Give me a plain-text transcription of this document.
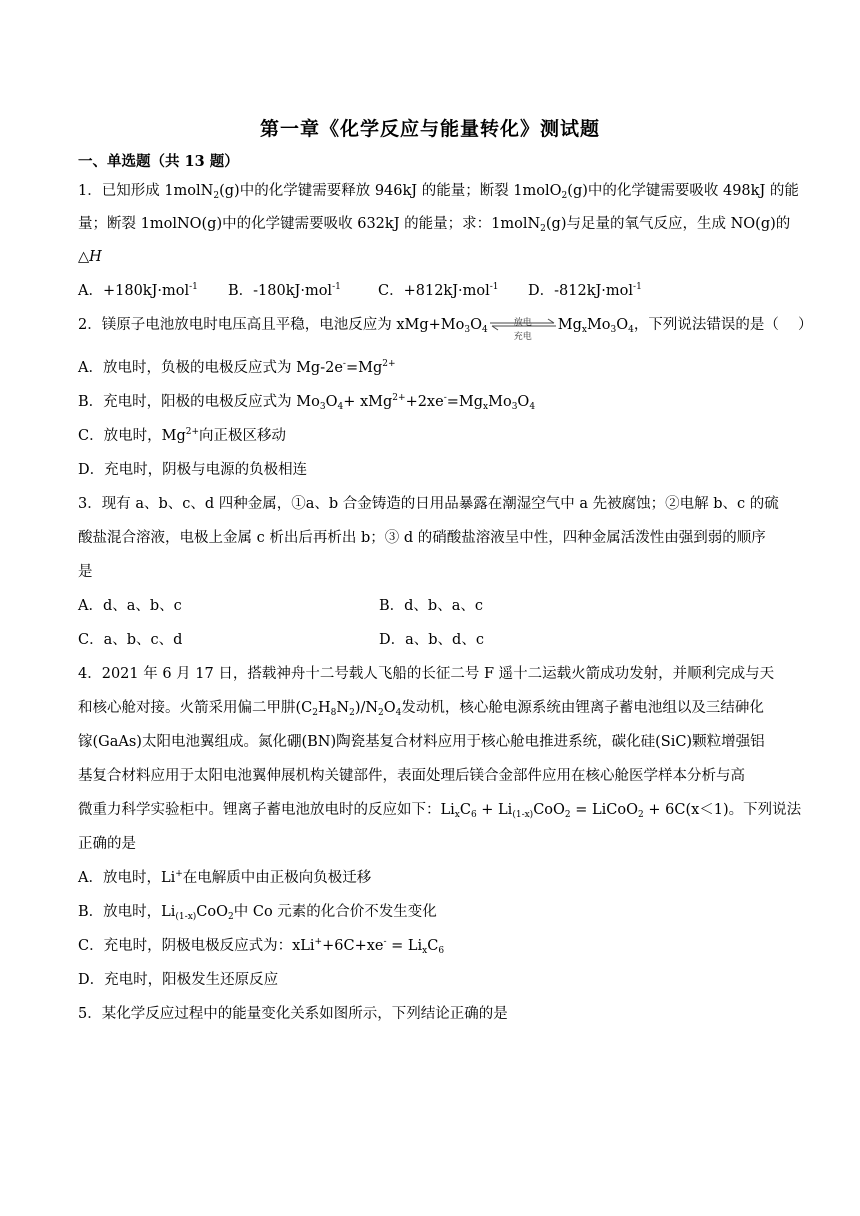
第一章《化学反应与能量转化》测试题
一、单选题（共 13 题）
1．已知形成 1molN$_2$(g)中的化学键需要释放 946kJ 的能量；断裂 1molO$_2$(g)中的化学键需要吸收 498kJ 的能
量；断裂 1molNO(g)中的化学键需要吸收 632kJ 的能量；求：1molN$_2$(g)与足量的氧气反应，生成 NO(g)的
△H
A．+180kJ·mol$^{-1}$ B．-180kJ·mol$^{-1}$	C．+812kJ·mol$^{-1}$ D．-812kJ·mol$^{-1}$
2．镁原子电池放电时电压高且平稳，电池反应为 $xMg+Mo_3O_4$
放电
充电
$Mg_xMo_3O_4$，下列说法错误的是（　 ）
A．放电时，负极的电极反应式为 $Mg-2e^-=Mg^{2+}$
B．充电时，阳极的电极反应式为 $Mo_3O_4+ xMg^{2+}+2xe^-=Mg_xMo_3O_4$
C．放电时，$Mg^{2+}$向正极区移动
D．充电时，阴极与电源的负极相连
3．现有 a、b、c、d 四种金属，①a、b 合金铸造的日用品暴露在潮湿空气中 a 先被腐蚀；②电解 b、c 的硫
酸盐混合溶液，电极上金属 c 析出后再析出 b；③ d 的硝酸盐溶液呈中性，四种金属活泼性由强到弱的顺序
是
A．d、a、b、c	B．d、b、a、c
C．a、b、c、d	D．a、b、d、c
4．2021 年 6 月 17 日，搭载神舟十二号载人飞船的长征二号 F 遥十二运载火箭成功发射，并顺利完成与天
和核心舱对接。火箭采用偏二甲肼$(C_2H_8N_2)/N_2O_4$发动机，核心舱电源系统由锂离子蓄电池组以及三结砷化
镓(GaAs)太阳电池翼组成。氮化硼(BN)陶瓷基复合材料应用于核心舱电推进系统，碳化硅(SiC)颗粒增强铝
基复合材料应用于太阳电池翼伸展机构关键部件，表面处理后镁合金部件应用在核心舱医学样本分析与高
微重力科学实验柜中。锂离子蓄电池放电时的反应如下：$Li_xC_6 + Li_{(1-x)}CoO_2$ = LiCoO$_2$ + 6C(x＜1)。下列说法
正确的是
A．放电时，Li+在电解质中由正极向负极迁移
B．放电时，$Li_{(1-x)}CoO_2$中 Co 元素的化合价不发生变化
C．充电时，阴极电极反应式为：$xLi^++6C+xe^- = Li_xC_6$
D．充电时，阳极发生还原反应
5．某化学反应过程中的能量变化关系如图所示，下列结论正确的是
